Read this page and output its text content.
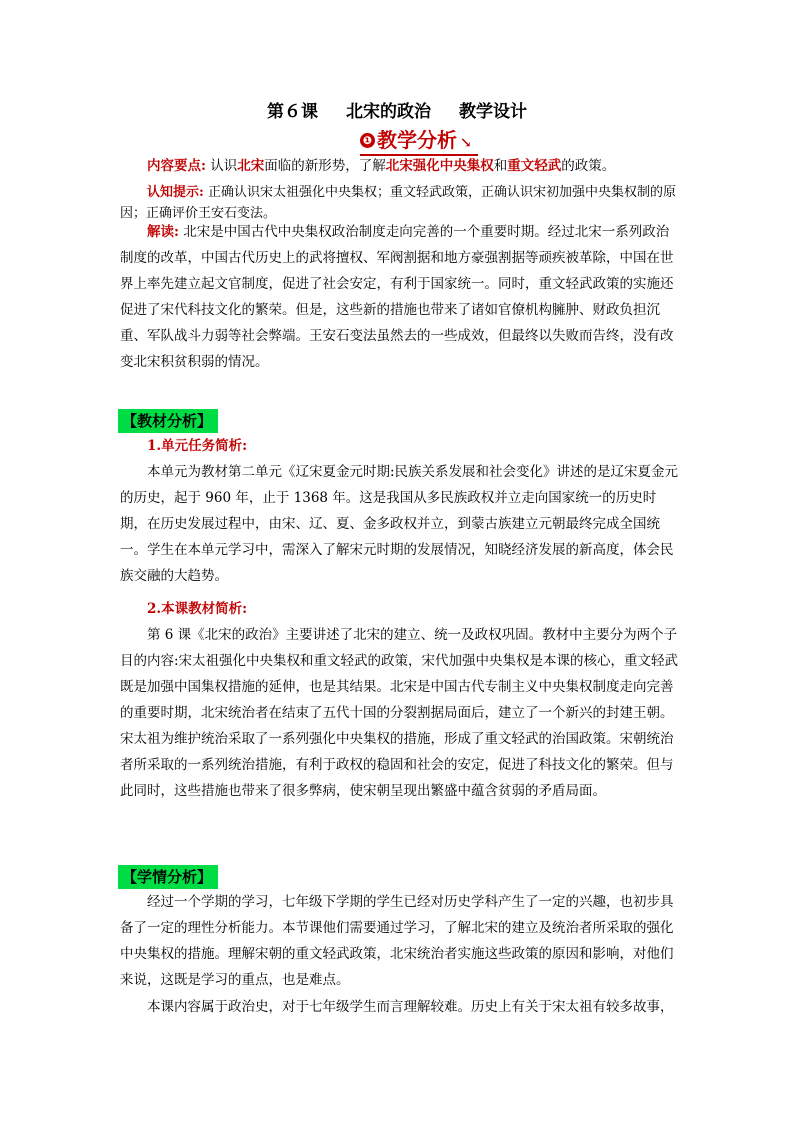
第６课 北宋的政治 教学设计
❶ 教学分析 ↘
内容要点: 认识北宋面临的新形势，了解北宋强化中央集权和重文轻武的政策。
认知提示: 正确认识宋太祖强化中央集权；重文轻武政策，正确认识宋初加强中央集权制的原因；正确评价王安石变法。
解读: 北宋是中国古代中央集权政治制度走向完善的一个重要时期。经过北宋一系列政治制度的改革，中国古代历史上的武将擅权、军阀割据和地方豪强割据等顽疾被革除，中国在世界上率先建立起文官制度，促进了社会安定，有利于国家统一。同时，重文轻武政策的实施还促进了宋代科技文化的繁荣。但是，这些新的措施也带来了诸如官僚机构臃肿、财政负担沉重、军队战斗力弱等社会弊端。王安石变法虽然去的一些成效，但最终以失败而告终，没有改变北宋积贫积弱的情况。
【教材分析】
1.单元任务简析:
本单元为教材第二单元《辽宋夏金元时期:民族关系发展和社会变化》讲述的是辽宋夏金元的历史，起于 960 年，止于 1368 年。这是我国从多民族政权并立走向国家统一的历史时期，在历史发展过程中，由宋、辽、夏、金多政权并立，到蒙古族建立元朝最终完成全国统一。学生在本单元学习中，需深入了解宋元时期的发展情况，知晓经济发展的新高度，体会民族交融的大趋势。
2.本课教材简析:
第 6 课《北宋的政治》主要讲述了北宋的建立、统一及政权巩固。教材中主要分为两个子目的内容:宋太祖强化中央集权和重文轻武的政策，宋代加强中央集权是本课的核心，重文轻武既是加强中国集权措施的延伸，也是其结果。北宋是中国古代专制主义中央集权制度走向完善的重要时期，北宋统治者在结束了五代十国的分裂割据局面后，建立了一个新兴的封建王朝。宋太祖为维护统治采取了一系列强化中央集权的措施，形成了重文轻武的治国政策。宋朝统治者所采取的一系列统治措施，有利于政权的稳固和社会的安定，促进了科技文化的繁荣。但与此同时，这些措施也带来了很多弊病，使宋朝呈现出繁盛中蕴含贫弱的矛盾局面。
【学情分析】
经过一个学期的学习，七年级下学期的学生已经对历史学科产生了一定的兴趣，也初步具备了一定的理性分析能力。本节课他们需要通过学习，了解北宋的建立及统治者所采取的强化中央集权的措施。理解宋朝的重文轻武政策，北宋统治者实施这些政策的原因和影响，对他们来说，这既是学习的重点，也是难点。
本课内容属于政治史，对于七年级学生而言理解较难。历史上有关于宋太祖有较多故事，
